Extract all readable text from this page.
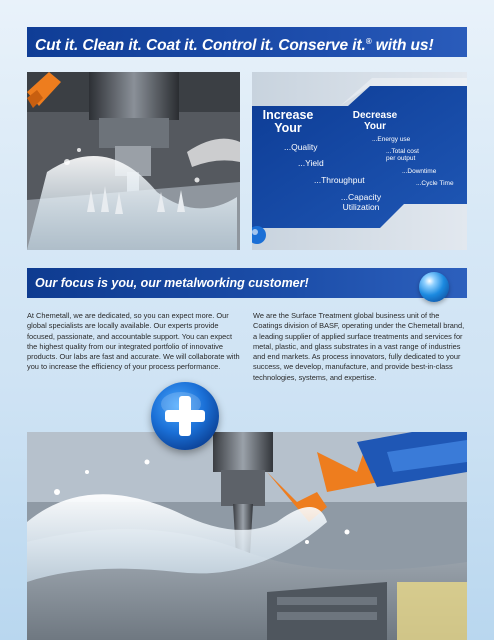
Cut it. Clean it. Coat it. Control it. Conserve it.® with us!
Increase Your
...Quality
...Yield
...Throughput
...Capacity Utilization
Decrease Your
...Energy use
...Total cost per output
...Downtime
...Cycle Time
Our focus is you, our metalworking customer!

At Chemetall, we are dedicated, so you can expect more. Our global specialists are locally available. Our experts provide focused, passionate, and accountable support. You can expect the highest quality from our integrated portfolio of innovative products. Our labs are fast and accurate. We will collaborate with you to increase the efficiency of your process performance.

We are the Surface Treatment global business unit of the Coatings division of BASF, operating under the Chemetall brand, a leading supplier of applied surface treatments and services for metal, plastic, and glass substrates in a vast range of industries and end markets. As process innovators, fully dedicated to your success, we develop, manufacture, and provide best-in-class technologies, systems, and expertise.
